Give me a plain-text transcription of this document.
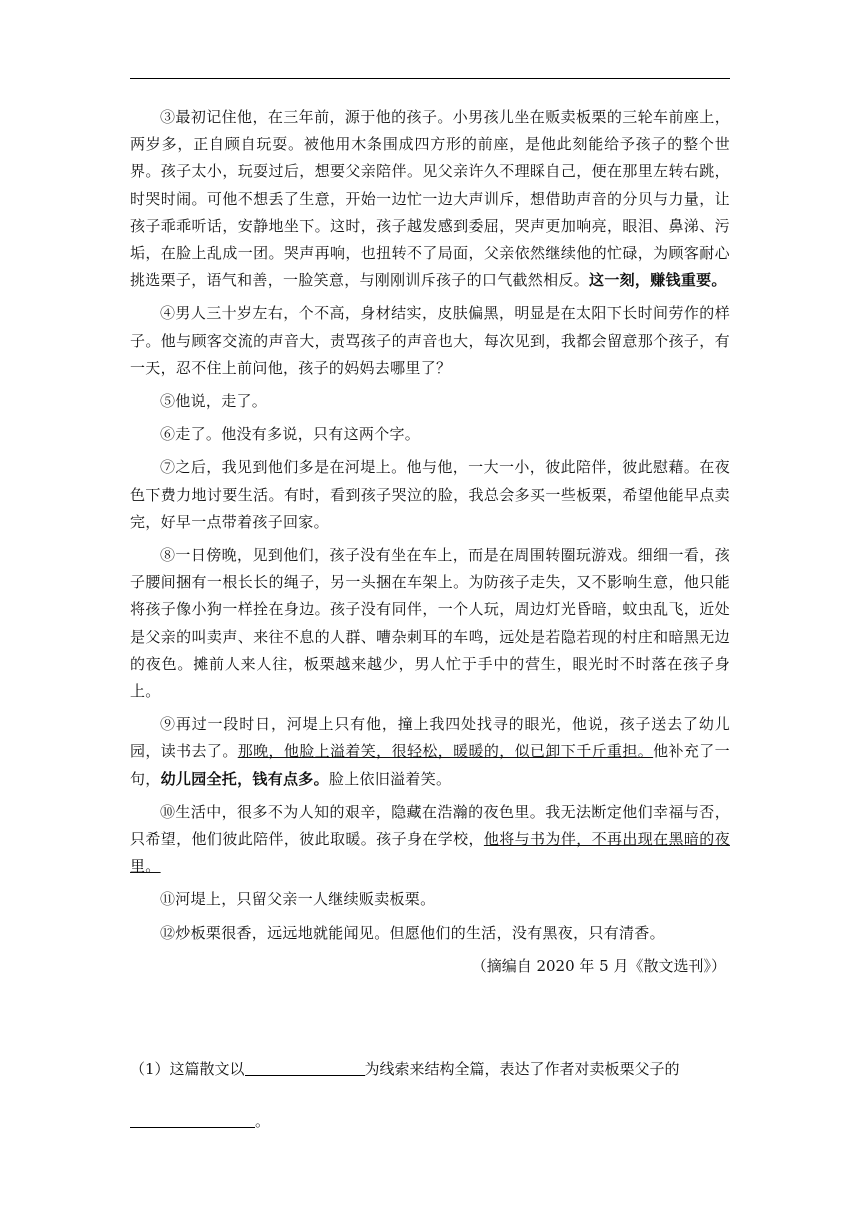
③最初记住他，在三年前，源于他的孩子。小男孩儿坐在贩卖板栗的三轮车前座上，两岁多，正自顾自玩耍。被他用木条围成四方形的前座，是他此刻能给予孩子的整个世界。孩子太小，玩耍过后，想要父亲陪伴。见父亲许久不理睬自己，便在那里左转右跳，时哭时闹。可他不想丢了生意，开始一边忙一边大声训斥，想借助声音的分贝与力量，让孩子乖乖听话，安静地坐下。这时，孩子越发感到委屈，哭声更加响亮，眼泪、鼻涕、污垢，在脸上乱成一团。哭声再响，也扭转不了局面，父亲依然继续他的忙碌，为顾客耐心挑选栗子，语气和善，一脸笑意，与刚刚训斥孩子的口气截然相反。这一刻，赚钱重要。

④男人三十岁左右，个不高，身材结实，皮肤偏黑，明显是在太阳下长时间劳作的样子。他与顾客交流的声音大，责骂孩子的声音也大，每次见到，我都会留意那个孩子，有一天，忍不住上前问他，孩子的妈妈去哪里了？

⑤他说，走了。

⑥走了。他没有多说，只有这两个字。

⑦之后，我见到他们多是在河堤上。他与他，一大一小，彼此陪伴，彼此慰藉。在夜色下费力地讨要生活。有时，看到孩子哭泣的脸，我总会多买一些板栗，希望他能早点卖完，好早一点带着孩子回家。

⑧一日傍晚，见到他们，孩子没有坐在车上，而是在周围转圈玩游戏。细细一看，孩子腰间捆有一根长长的绳子，另一头捆在车架上。为防孩子走失，又不影响生意，他只能将孩子像小狗一样拴在身边。孩子没有同伴，一个人玩，周边灯光昏暗，蚊虫乱飞，近处是父亲的叫卖声、来往不息的人群、嘈杂刺耳的车鸣，远处是若隐若现的村庄和暗黑无边的夜色。摊前人来人往，板栗越来越少，男人忙于手中的营生，眼光时不时落在孩子身上。

⑨再过一段时日，河堤上只有他，撞上我四处找寻的眼光，他说，孩子送去了幼儿园，读书去了。那晚，他脸上溢着笑，很轻松，暖暖的，似已卸下千斤重担。他补充了一句，幼儿园全托，钱有点多。脸上依旧溢着笑。

⑩生活中，很多不为人知的艰辛，隐藏在浩瀚的夜色里。我无法断定他们幸福与否，只希望，他们彼此陪伴，彼此取暖。孩子身在学校，他将与书为伴，不再出现在黑暗的夜里。

⑪河堤上，只留父亲一人继续贩卖板栗。

⑫炒板栗很香，远远地就能闻见。但愿他们的生活，没有黑夜，只有清香。

（摘编自 2020 年 5 月《散文选刊》）

（1）这篇散文以	为线索来结构全篇，表达了作者对卖板栗父子的
。
